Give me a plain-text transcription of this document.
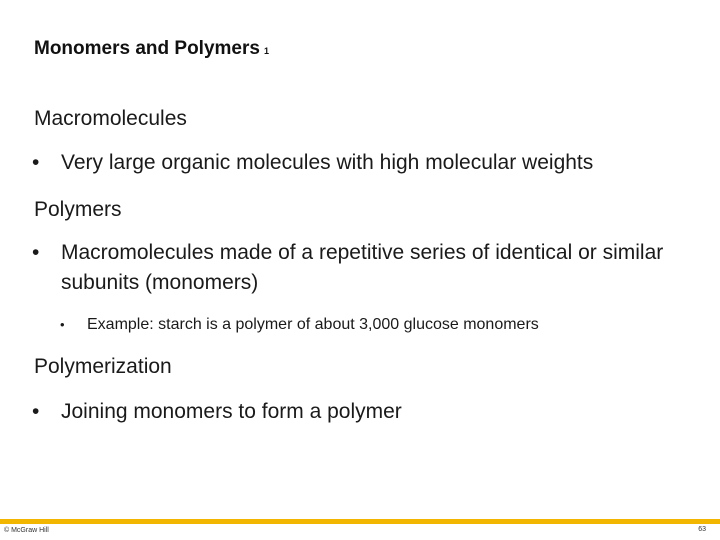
Monomers and Polymers 1
Macromolecules
• Very large organic molecules with high molecular weights
Polymers
• Macromolecules made of a repetitive series of identical or similar subunits (monomers)
• Example: starch is a polymer of about 3,000 glucose monomers
Polymerization
• Joining monomers to form a polymer
© McGraw Hill	63
